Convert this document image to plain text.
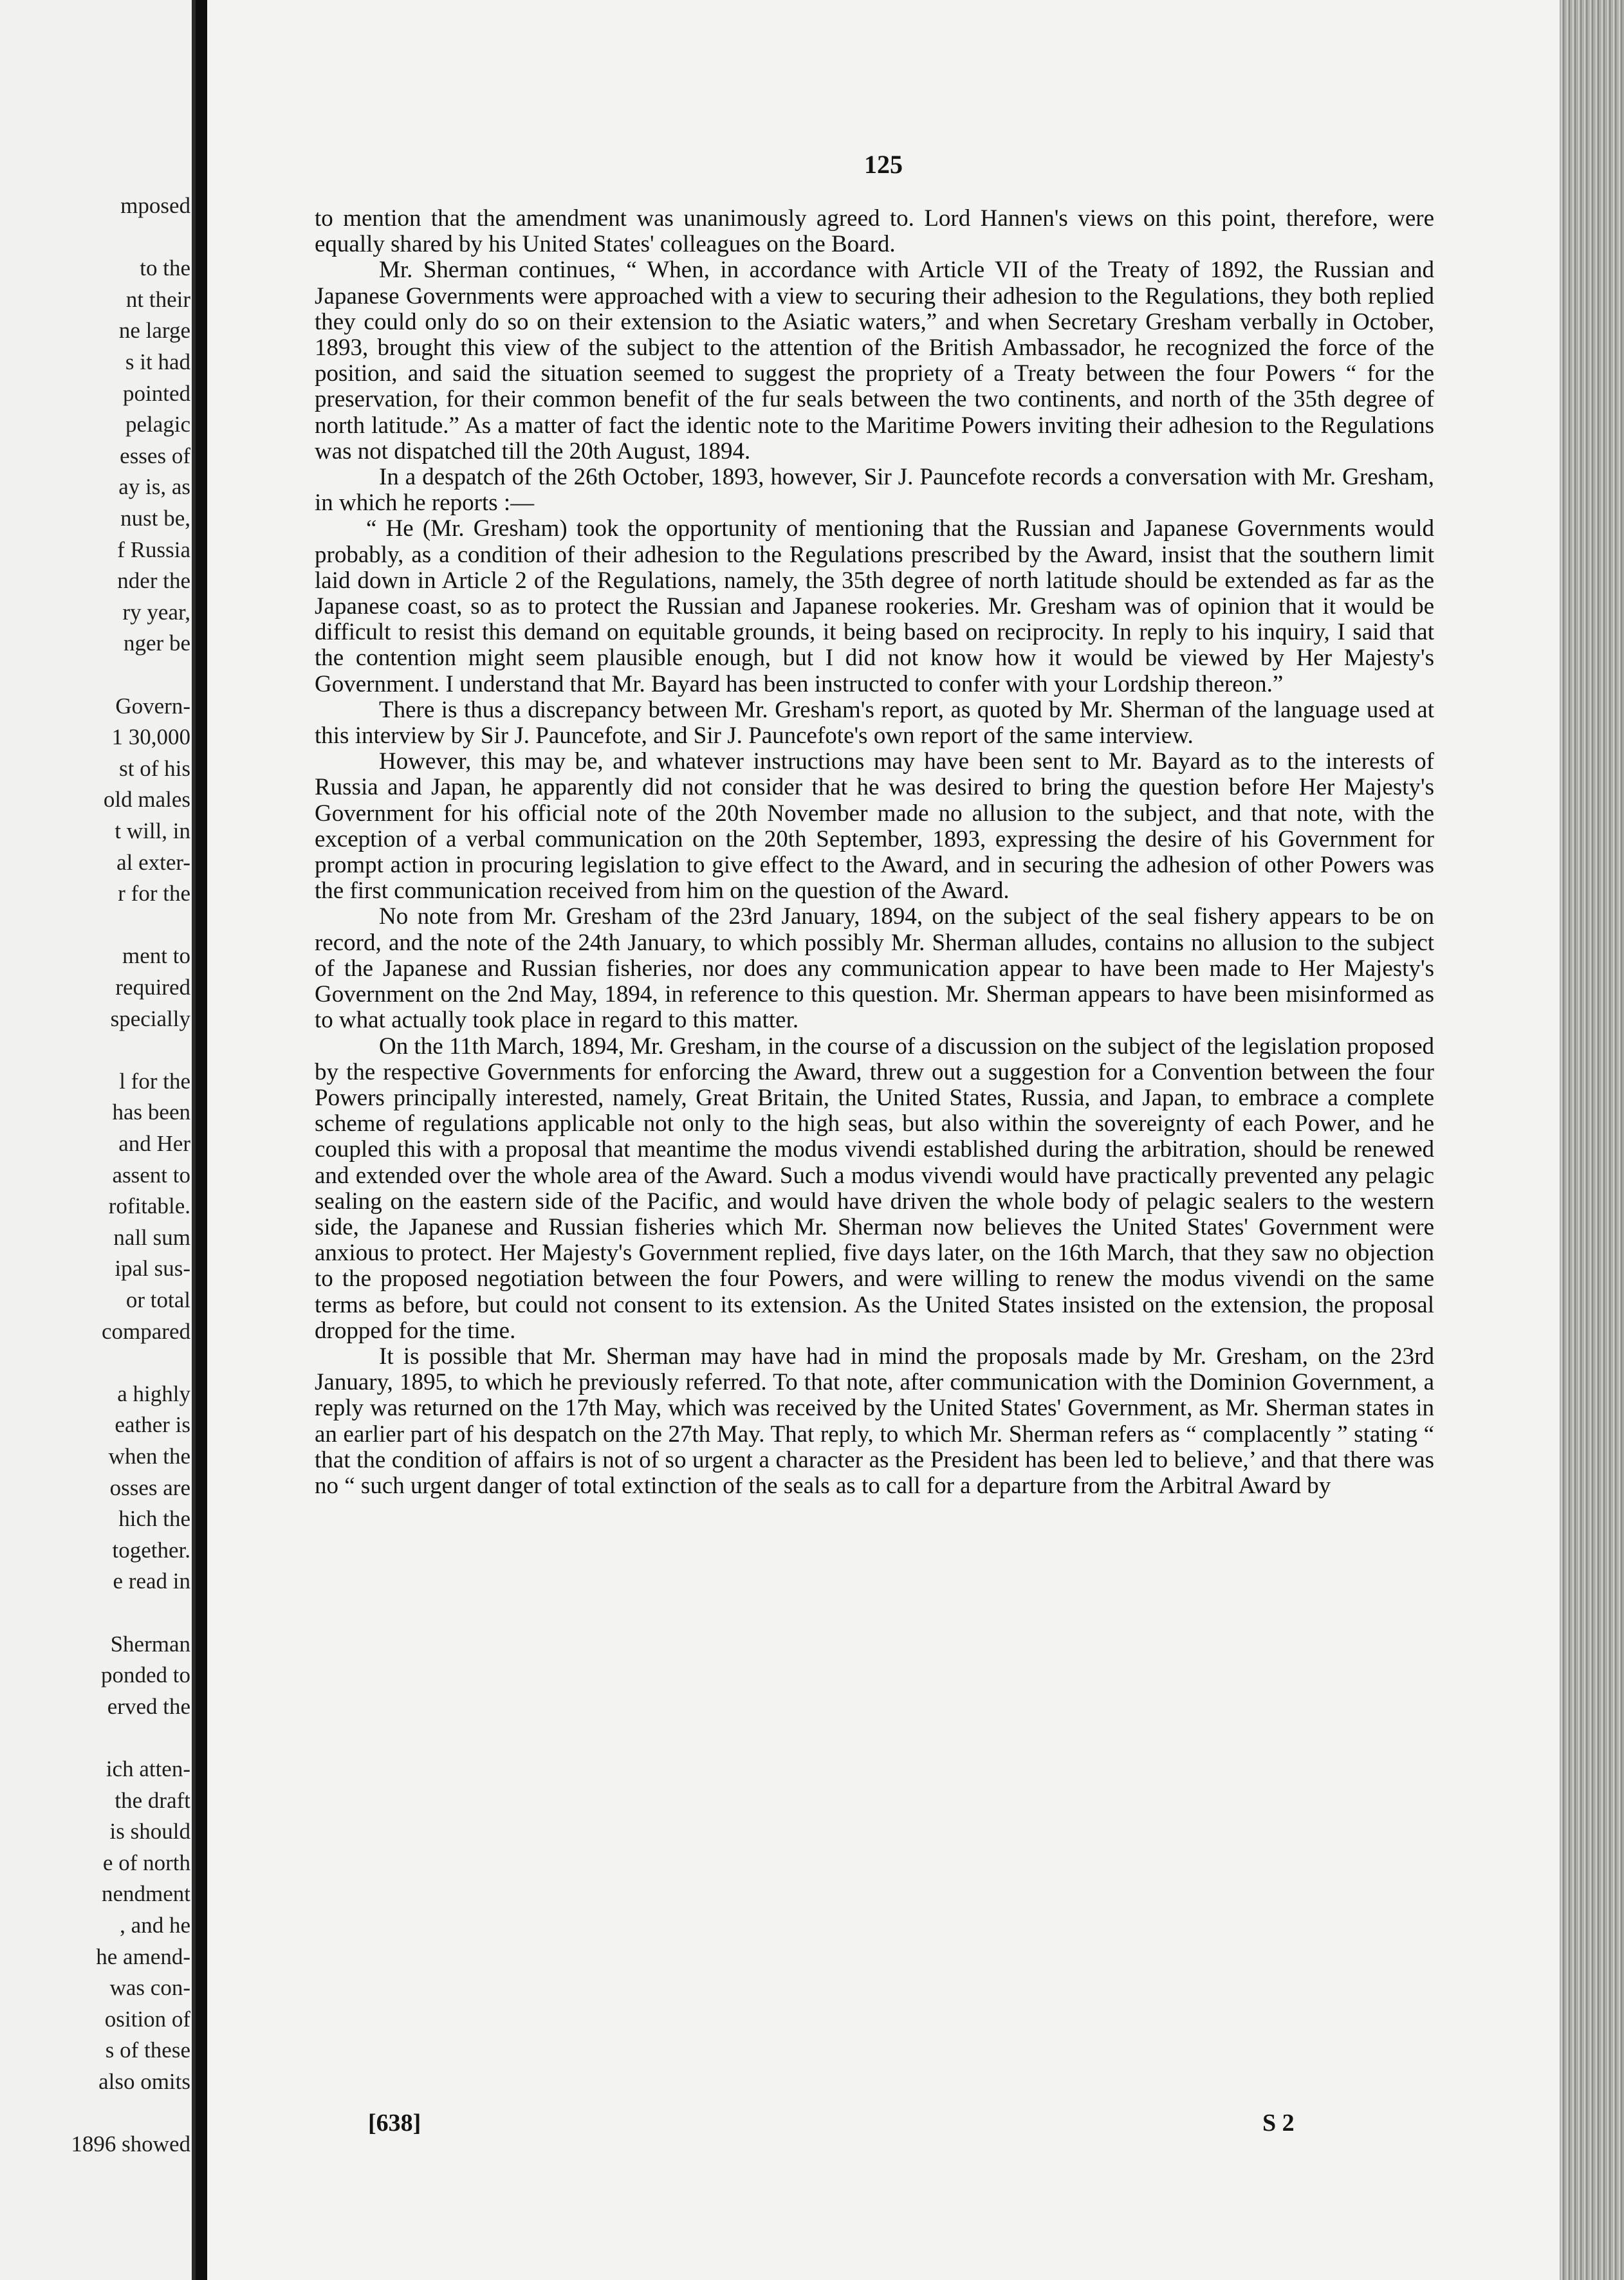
mposed
to the
nt their
ne large
s it had
pointed
pelagic
esses of
ay is, as
nust be,
f Russia
nder the
ry year,
nger be
Govern-
1 30,000
st of his
old males
t will, in
al exter-
r for the
ment to
required
specially
l for the
has been
and Her
assent to
rofitable.
nall sum
ipal sus-
or total
compared
a highly
eather is
when the
osses are
hich the
together.
e read in
Sherman
ponded to
erved the
ich atten-
the draft
is should
e of north
nendment
, and he
he amend-
was con-
osition of
s of these
also omits
1896 showed
125

to mention that the amendment was unanimously agreed to. Lord Hannen's views on this point, therefore, were equally shared by his United States' colleagues on the Board.

Mr. Sherman continues, “ When, in accordance with Article VII of the Treaty of 1892, the Russian and Japanese Governments were approached with a view to securing their adhesion to the Regulations, they both replied they could only do so on their extension to the Asiatic waters,” and when Secretary Gresham verbally in October, 1893, brought this view of the subject to the attention of the British Ambassador, he recognized the force of the position, and said the situation seemed to suggest the propriety of a Treaty between the four Powers “ for the preservation, for their common benefit of the fur seals between the two continents, and north of the 35th degree of north latitude.” As a matter of fact the identic note to the Maritime Powers inviting their adhesion to the Regulations was not dispatched till the 20th August, 1894.

In a despatch of the 26th October, 1893, however, Sir J. Pauncefote records a conversation with Mr. Gresham, in which he reports :—

“ He (Mr. Gresham) took the opportunity of mentioning that the Russian and Japanese Governments would probably, as a condition of their adhesion to the Regulations prescribed by the Award, insist that the southern limit laid down in Article 2 of the Regulations, namely, the 35th degree of north latitude should be extended as far as the Japanese coast, so as to protect the Russian and Japanese rookeries. Mr. Gresham was of opinion that it would be difficult to resist this demand on equitable grounds, it being based on reciprocity. In reply to his inquiry, I said that the contention might seem plausible enough, but I did not know how it would be viewed by Her Majesty's Government. I understand that Mr. Bayard has been instructed to confer with your Lordship thereon.”

There is thus a discrepancy between Mr. Gresham's report, as quoted by Mr. Sherman of the language used at this interview by Sir J. Pauncefote, and Sir J. Pauncefote's own report of the same interview.

However, this may be, and whatever instructions may have been sent to Mr. Bayard as to the interests of Russia and Japan, he apparently did not consider that he was desired to bring the question before Her Majesty's Government for his official note of the 20th November made no allusion to the subject, and that note, with the exception of a verbal communication on the 20th September, 1893, expressing the desire of his Government for prompt action in procuring legislation to give effect to the Award, and in securing the adhesion of other Powers was the first communication received from him on the question of the Award.

No note from Mr. Gresham of the 23rd January, 1894, on the subject of the seal fishery appears to be on record, and the note of the 24th January, to which possibly Mr. Sherman alludes, contains no allusion to the subject of the Japanese and Russian fisheries, nor does any communication appear to have been made to Her Majesty's Government on the 2nd May, 1894, in reference to this question. Mr. Sherman appears to have been misinformed as to what actually took place in regard to this matter.

On the 11th March, 1894, Mr. Gresham, in the course of a discussion on the subject of the legislation proposed by the respective Governments for enforcing the Award, threw out a suggestion for a Convention between the four Powers principally interested, namely, Great Britain, the United States, Russia, and Japan, to embrace a complete scheme of regulations applicable not only to the high seas, but also within the sovereignty of each Power, and he coupled this with a proposal that meantime the modus vivendi established during the arbitration, should be renewed and extended over the whole area of the Award. Such a modus vivendi would have practically prevented any pelagic sealing on the eastern side of the Pacific, and would have driven the whole body of pelagic sealers to the western side, the Japanese and Russian fisheries which Mr. Sherman now believes the United States' Government were anxious to protect. Her Majesty's Government replied, five days later, on the 16th March, that they saw no objection to the proposed negotiation between the four Powers, and were willing to renew the modus vivendi on the same terms as before, but could not consent to its extension. As the United States insisted on the extension, the proposal dropped for the time.

It is possible that Mr. Sherman may have had in mind the proposals made by Mr. Gresham, on the 23rd January, 1895, to which he previously referred. To that note, after communication with the Dominion Government, a reply was returned on the 17th May, which was received by the United States' Government, as Mr. Sherman states in an earlier part of his despatch on the 27th May. That reply, to which Mr. Sherman refers as “ complacently ” stating “ that the condition of affairs is not of so urgent a character as the President has been led to believe,’ and that there was no “ such urgent danger of total extinction of the seals as to call for a departure from the Arbitral Award by

[638]	S 2
